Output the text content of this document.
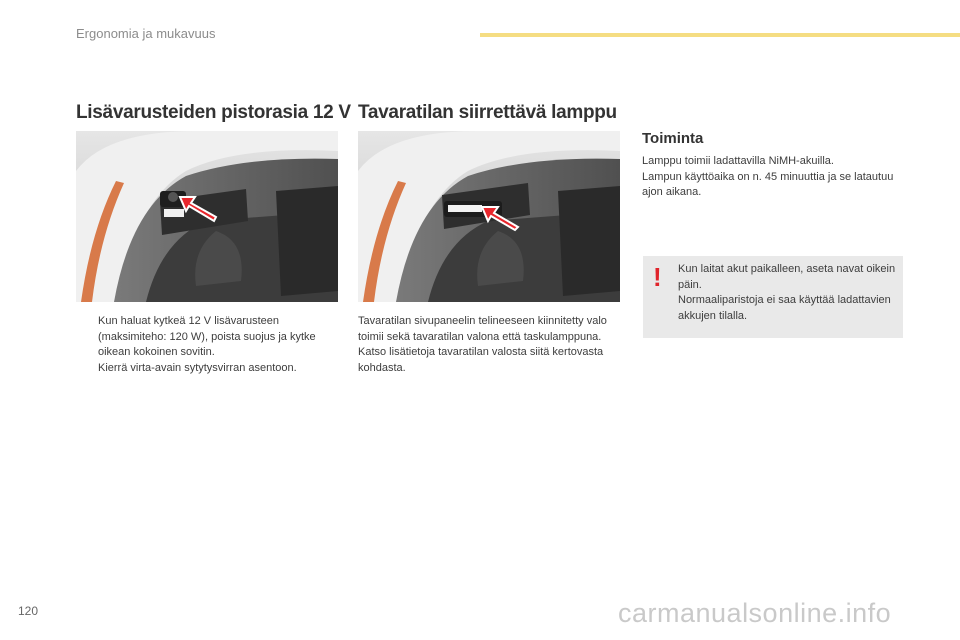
Ergonomia ja mukavuus
Lisävarusteiden pistorasia 12 V Tavaratilan siirrettävä lamppu
Kun haluat kytkeä 12 V lisävarusteen (maksimiteho: 120 W), poista suojus ja kytke oikean kokoinen sovitin.
Kierrä virta-avain sytytysvirran asentoon.

Tavaratilan sivupaneelin telineeseen kiinnitetty valo toimii sekä tavaratilan valona että taskulamppuna.
Katso lisätietoja tavaratilan valosta siitä kertovasta kohdasta.

Toiminta

Lamppu toimii ladattavilla NiMH-akuilla.
Lampun käyttöaika on n. 45 minuuttia ja se latautuu ajon aikana.

! Kun laitat akut paikalleen, aseta navat oikein päin.
Normaaliparistoja ei saa käyttää ladattavien akkujen tilalla.
120	carmanualsonline.info
